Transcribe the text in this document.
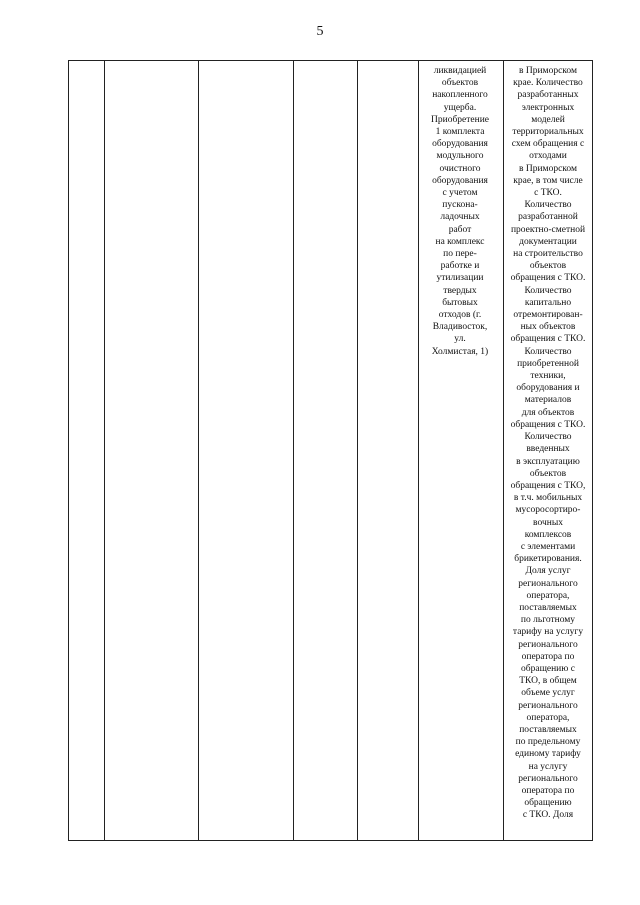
5

ликвидацией

объектов

накопленного

ущерба.

Приобретение

1 комплекта

оборудования

модульного

очистного

оборудования

с учетом

пускона-

ладочных

работ

на комплекс

по пере-

работке и

утилизации

твердых

бытовых

отходов (г.

Владивосток,

ул.

Холмистая, 1)

в Приморском

крае. Количество

разработанных

электронных

моделей

территориальных

схем обращения с

отходами

в Приморском

крае, в том числе

с ТКО.

Количество

разработанной

проектно-сметной

документации

на строительство

объектов

обращения с ТКО.

Количество

капитально

отремонтирован-

ных объектов

обращения с ТКО.

Количество

приобретенной

техники,

оборудования и

материалов

для объектов

обращения с ТКО.

Количество

введенных

в эксплуатацию

объектов

обращения с ТКО,

в т.ч. мобильных

мусоросортиро-

вочных

комплексов

с элементами

брикетирования.

Доля услуг

регионального

оператора,

поставляемых

по льготному

тарифу на услугу

регионального

оператора по

обращению с

ТКО, в общем

объеме услуг

регионального

оператора,

поставляемых

по предельному

единому тарифу

на услугу

регионального

оператора по

обращению

с ТКО. Доля
